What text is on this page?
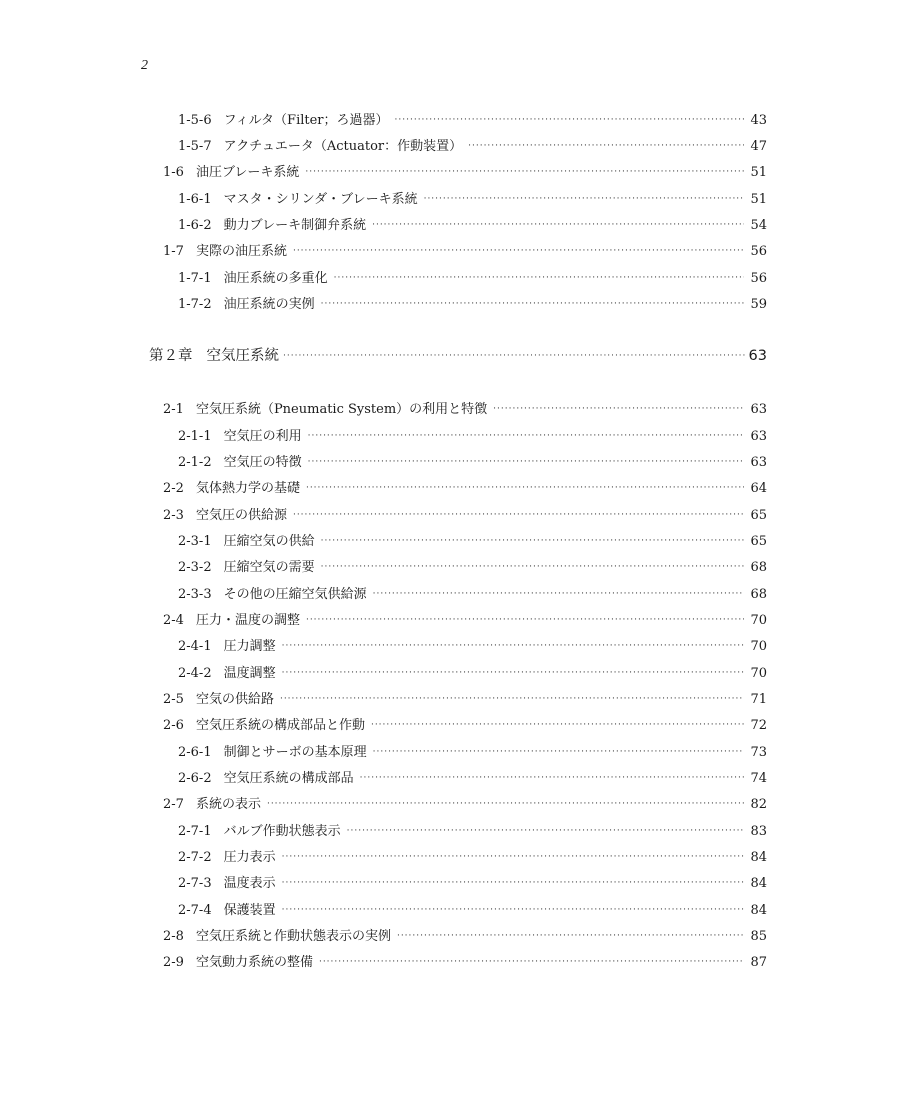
2
1-5-6 フィルタ（Filter；ろ過器） ·····	43
1-5-7 アクチュエータ（Actuator：作動装置） ·····	47
1-6 油圧ブレーキ系統 ·····	51
1-6-1 マスタ・シリンダ・ブレーキ系統 ·····	51
1-6-2 動力ブレーキ制御弁系統 ·····	54
1-7 実際の油圧系統 ·····	56
1-7-1 油圧系統の多重化 ·····	56
1-7-2 油圧系統の実例 ·····	59
第２章 空気圧系統 ·····	63
2-1 空気圧系統（Pneumatic System）の利用と特徴 ·····	63
2-1-1 空気圧の利用 ·····	63
2-1-2 空気圧の特徴 ·····	63
2-2 気体熱力学の基礎 ·····	64
2-3 空気圧の供給源 ·····	65
2-3-1 圧縮空気の供給 ·····	65
2-3-2 圧縮空気の需要 ·····	68
2-3-3 その他の圧縮空気供給源 ·····	68
2-4 圧力・温度の調整 ·····	70
2-4-1 圧力調整 ·····	70
2-4-2 温度調整 ·····	70
2-5 空気の供給路 ·····	71
2-6 空気圧系統の構成部品と作動 ·····	72
2-6-1 制御とサーボの基本原理 ·····	73
2-6-2 空気圧系統の構成部品 ·····	74
2-7 系統の表示 ·····	82
2-7-1 バルブ作動状態表示 ·····	83
2-7-2 圧力表示 ·····	84
2-7-3 温度表示 ·····	84
2-7-4 保護装置 ·····	84
2-8 空気圧系統と作動状態表示の実例 ·····	85
2-9 空気動力系統の整備 ·····	87
